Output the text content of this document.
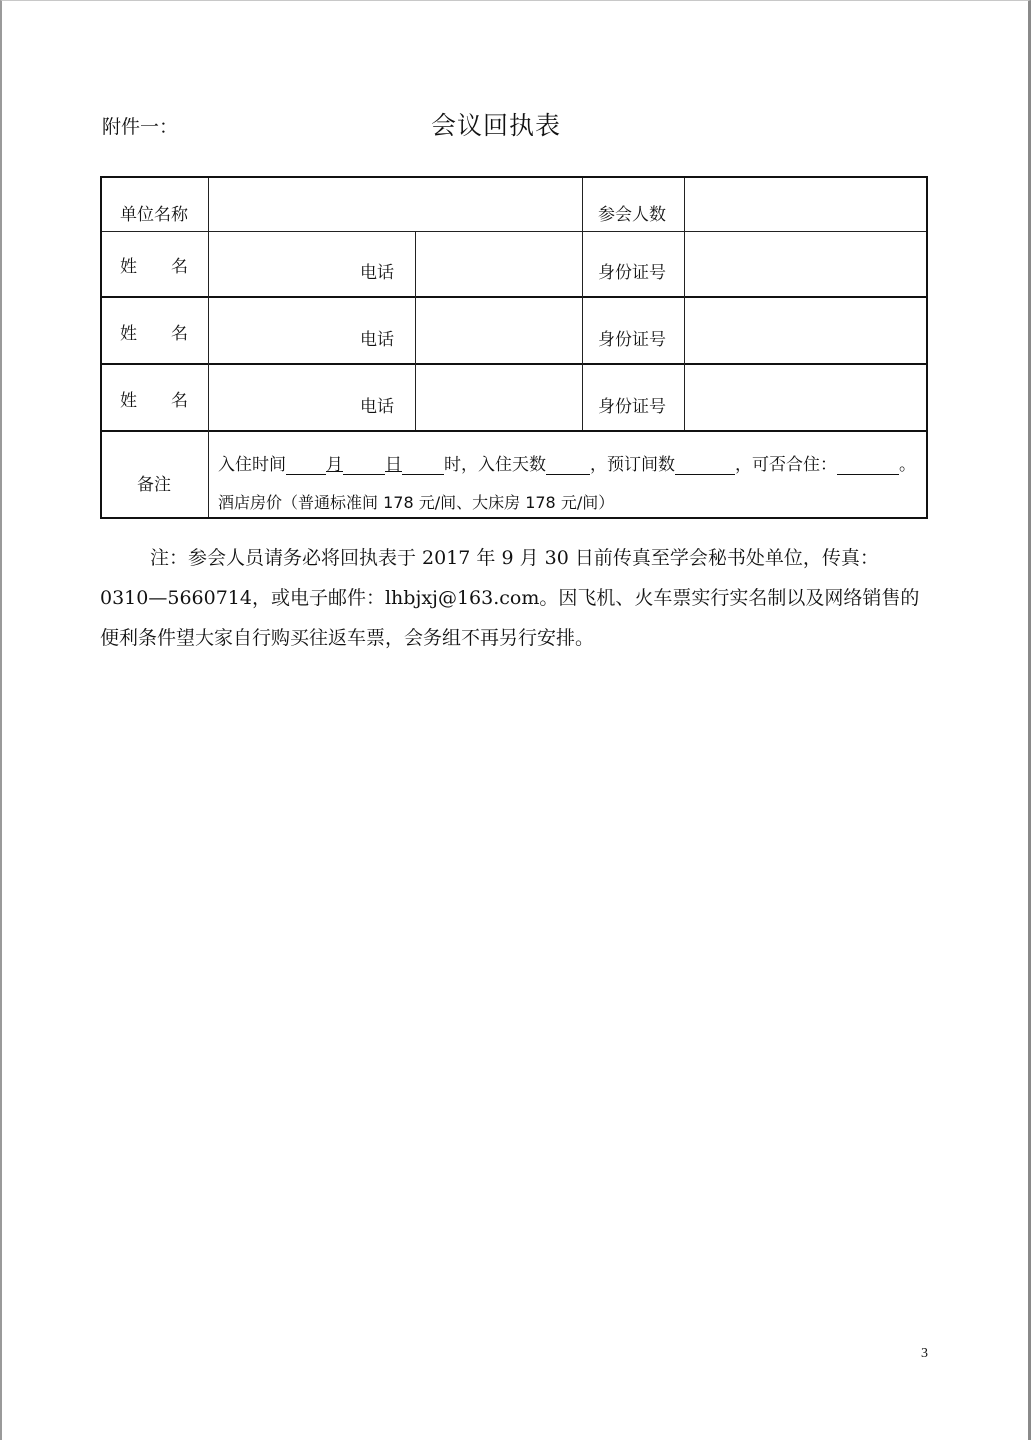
附件一：	会议回执表
单位名称	参会人数
姓 名	电话	身份证号
姓 名	电话	身份证号
姓 名	电话	身份证号
备注
入住时间 月 日 时，入住天数	，预订间数	，可否合住：	。
酒店房价（普通标准间 178 元/间、大床房 178 元/间）
注：参会人员请务必将回执表于 2017 年 9 月 30 日前传真至学会秘书处单位，传真：
0310—5660714，或电子邮件：lhbjxj@163.com。因飞机、火车票实行实名制以及网络销售的
便利条件望大家自行购买往返车票，会务组不再另行安排。
3
